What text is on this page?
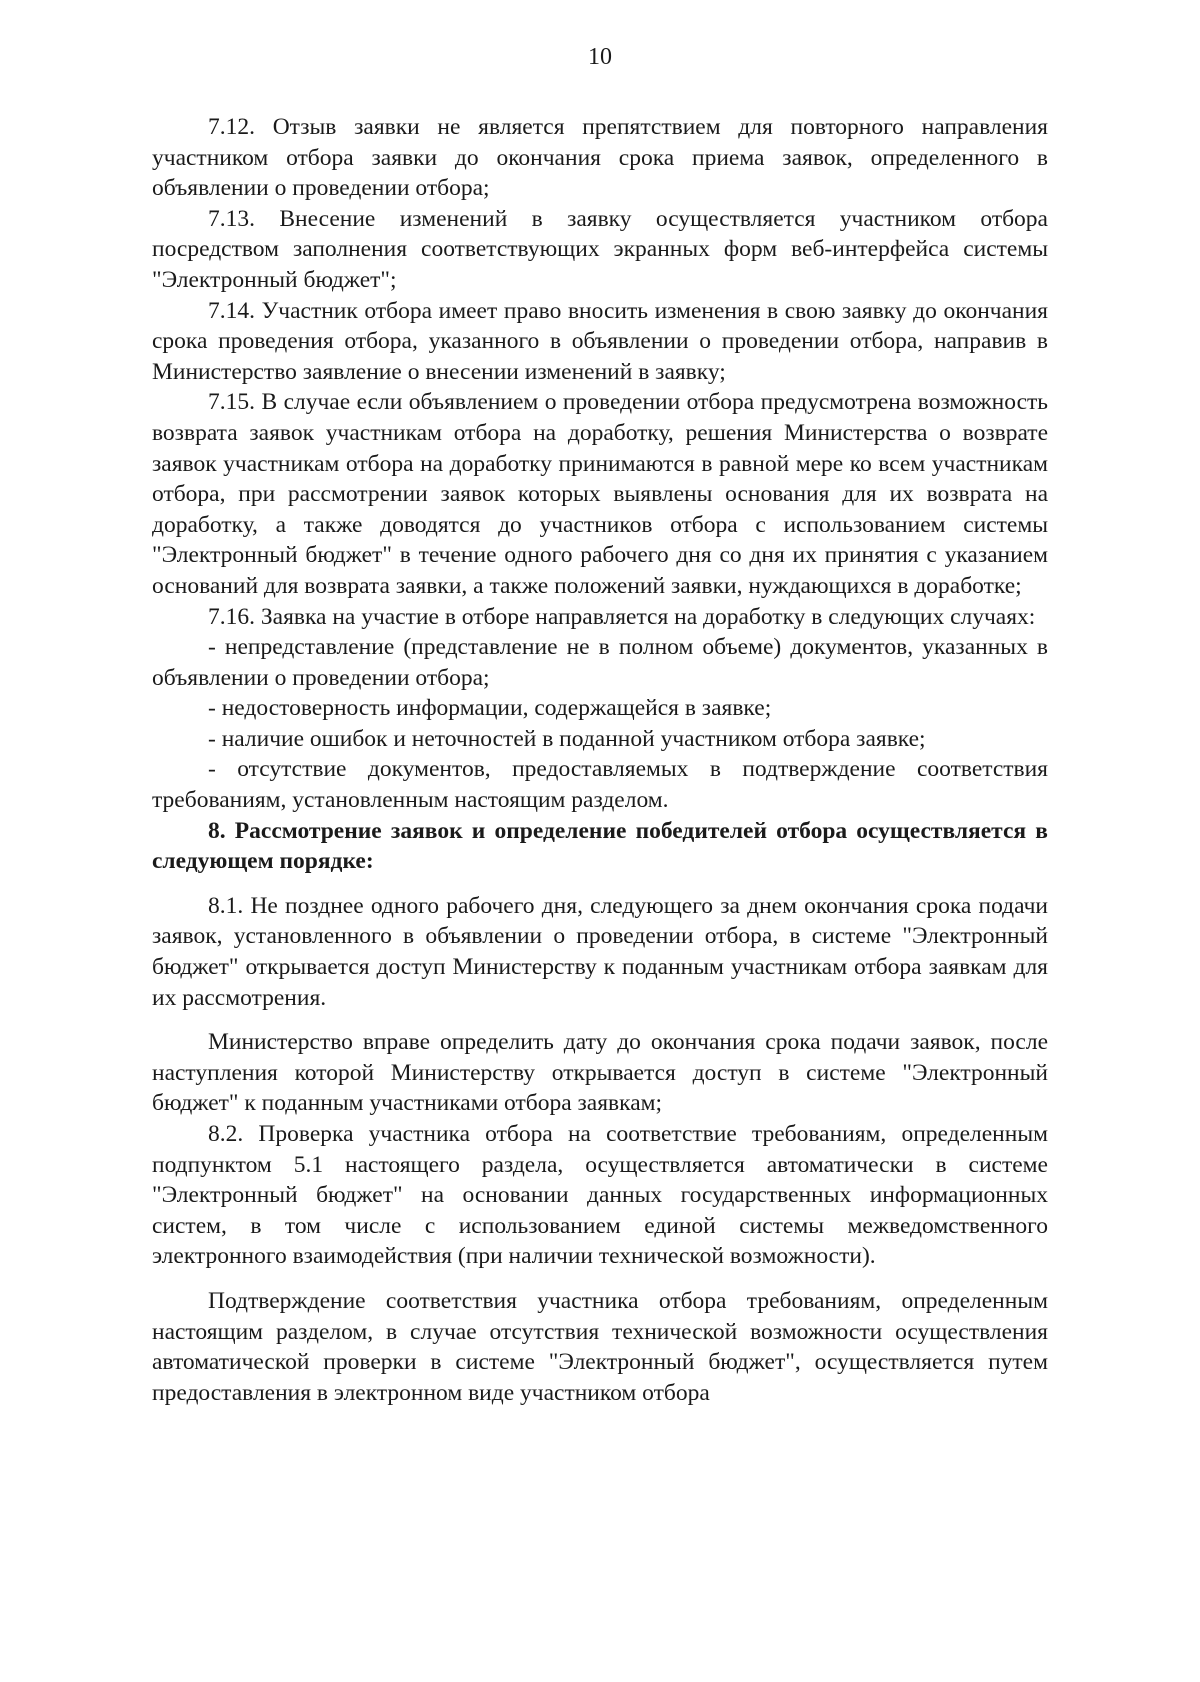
10

7.12. Отзыв заявки не является препятствием для повторного направления участником отбора заявки до окончания срока приема заявок, определенного в объявлении о проведении отбора;

7.13. Внесение изменений в заявку осуществляется участником отбора посредством заполнения соответствующих экранных форм веб-интерфейса системы "Электронный бюджет";

7.14. Участник отбора имеет право вносить изменения в свою заявку до окончания срока проведения отбора, указанного в объявлении о проведении отбора, направив в Министерство заявление о внесении изменений в заявку;

7.15. В случае если объявлением о проведении отбора предусмотрена возможность возврата заявок участникам отбора на доработку, решения Министерства о возврате заявок участникам отбора на доработку принимаются в равной мере ко всем участникам отбора, при рассмотрении заявок которых выявлены основания для их возврата на доработку, а также доводятся до участников отбора с использованием системы "Электронный бюджет" в течение одного рабочего дня со дня их принятия с указанием оснований для возврата заявки, а также положений заявки, нуждающихся в доработке;

7.16. Заявка на участие в отборе направляется на доработку в следующих случаях:

- непредставление (представление не в полном объеме) документов, указанных в объявлении о проведении отбора;

- недостоверность информации, содержащейся в заявке;

- наличие ошибок и неточностей в поданной участником отбора заявке;

- отсутствие документов, предоставляемых в подтверждение соответствия требованиям, установленным настоящим разделом.

8. Рассмотрение заявок и определение победителей отбора осуществляется в следующем порядке:

8.1. Не позднее одного рабочего дня, следующего за днем окончания срока подачи заявок, установленного в объявлении о проведении отбора, в системе "Электронный бюджет" открывается доступ Министерству к поданным участникам отбора заявкам для их рассмотрения.

Министерство вправе определить дату до окончания срока подачи заявок, после наступления которой Министерству открывается доступ в системе "Электронный бюджет" к поданным участниками отбора заявкам;

8.2. Проверка участника отбора на соответствие требованиям, определенным подпунктом 5.1 настоящего раздела, осуществляется автоматически в системе "Электронный бюджет" на основании данных государственных информационных систем, в том числе с использованием единой системы межведомственного электронного взаимодействия (при наличии технической возможности).

Подтверждение соответствия участника отбора требованиям, определенным настоящим разделом, в случае отсутствия технической возможности осуществления автоматической проверки в системе "Электронный бюджет", осуществляется путем предоставления в электронном виде участником отбора
